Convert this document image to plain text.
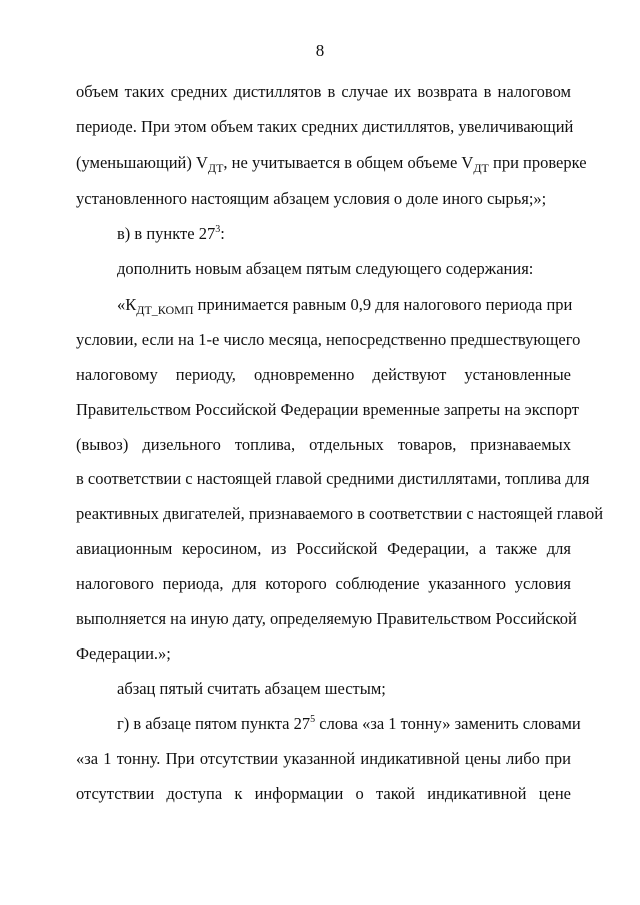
8
объем таких средних дистиллятов в случае их возврата в налоговом
периоде. При этом объем таких средних дистиллятов, увеличивающий
(уменьшающий) $V_{ДТ}$, не учитывается в общем объеме $V_{ДТ}$ при проверке
установленного настоящим абзацем условия о доле иного сырья;»;
в) в пункте $27^3$:
дополнить новым абзацем пятым следующего содержания:
«$К_{ДТ\_КОМП}$ принимается равным 0,9 для налогового периода при
условии, если на 1-е число месяца, непосредственно предшествующего
налоговому периоду, одновременно действуют установленные
Правительством Российской Федерации временные запреты на экспорт
(вывоз) дизельного топлива, отдельных товаров, признаваемых
в соответствии с настоящей главой средними дистиллятами, топлива для
реактивных двигателей, признаваемого в соответствии с настоящей главой
авиационным керосином, из Российской Федерации, а также для
налогового периода, для которого соблюдение указанного условия
выполняется на иную дату, определяемую Правительством Российской
Федерации.»;
абзац пятый считать абзацем шестым;
г) в абзаце пятом пункта $27^5$ слова «за 1 тонну» заменить словами
«за 1 тонну. При отсутствии указанной индикативной цены либо при
отсутствии доступа к информации о такой индикативной цене
